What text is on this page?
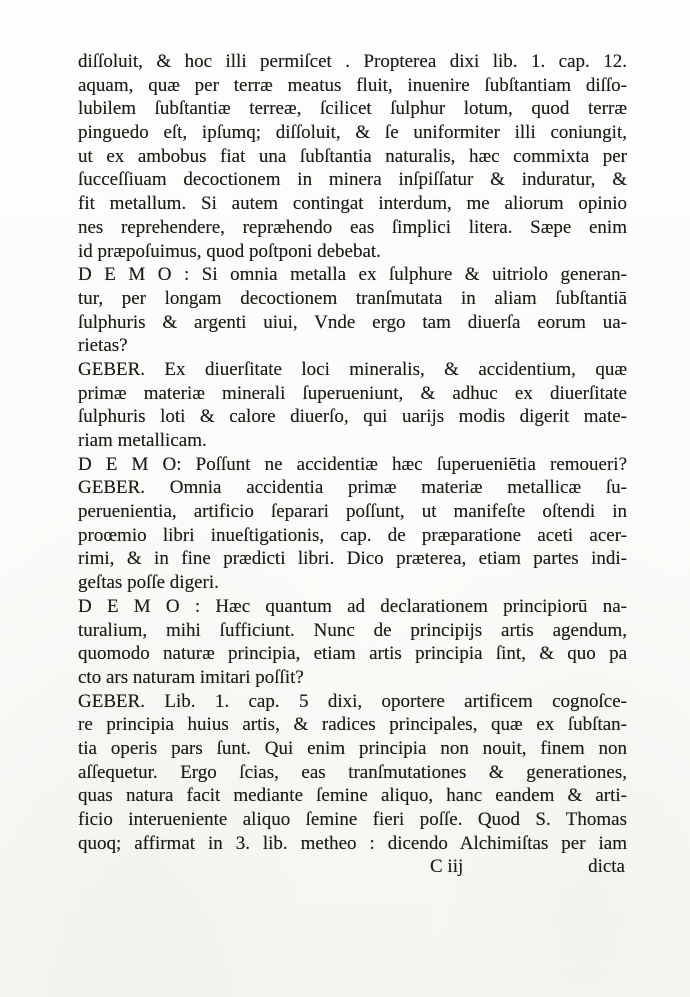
diſſoluit, & hoc illi permiſcet . Propterea dixi lib. 1. cap. 12.
aquam, quæ per terræ meatus fluit, inuenire ſubſtantiam diſſo-
lubilem ſubſtantiæ terreæ, ſcilicet ſulphur lotum, quod terræ
pinguedo eſt, ipſumq; diſſoluit, & ſe uniformiter illi coniungit,
ut ex ambobus fiat una ſubſtantia naturalis, hæc commixta per
ſucceſſiuam decoctionem in minera inſpiſſatur & induratur, &
fit metallum. Si autem contingat interdum, me aliorum opinio
nes reprehendere, repræhendo eas ſimplici litera. Sæpe enim
id præpoſuimus, quod poſtponi debebat.
D E M O : Si omnia metalla ex ſulphure & uitriolo generan-
tur, per longam decoctionem tranſmutata in aliam ſubſtantiā
ſulphuris & argenti uiui, Vnde ergo tam diuerſa eorum ua-
rietas?
GEBER. Ex diuerſitate loci mineralis, & accidentium, quæ
primæ materiæ minerali ſuperueniunt, & adhuc ex diuerſitate
ſulphuris loti & calore diuerſo, qui uarijs modis digerit mate-
riam metallicam.
D E M O: Poſſunt ne accidentiæ hæc ſuperueniētia remoueri?
GEBER. Omnia accidentia primæ materiæ metallicæ ſu-
peruenientia, artificio ſeparari poſſunt, ut manifeſte oſtendi in
proœmio libri inueſtigationis, cap. de præparatione aceti acer-
rimi, & in fine prædicti libri. Dico præterea, etiam partes indi-
geſtas poſſe digeri.
D E M O : Hæc quantum ad declarationem principiorū na-
turalium, mihi ſufficiunt. Nunc de principijs artis agendum,
quomodo naturæ principia, etiam artis principia ſint, & quo pa
cto ars naturam imitari poſſit?
GEBER. Lib. 1. cap. 5 dixi, oportere artificem cognoſce-
re principia huius artis, & radices principales, quæ ex ſubſtan-
tia operis pars ſunt. Qui enim principia non nouit, finem non
aſſequetur. Ergo ſcias, eas tranſmutationes & generationes,
quas natura facit mediante ſemine aliquo, hanc eandem & arti-
ficio interueniente aliquo ſemine fieri poſſe. Quod S. Thomas
quoq; affirmat in 3. lib. metheo : dicendo Alchimiſtas per iam
C iij	dicta
